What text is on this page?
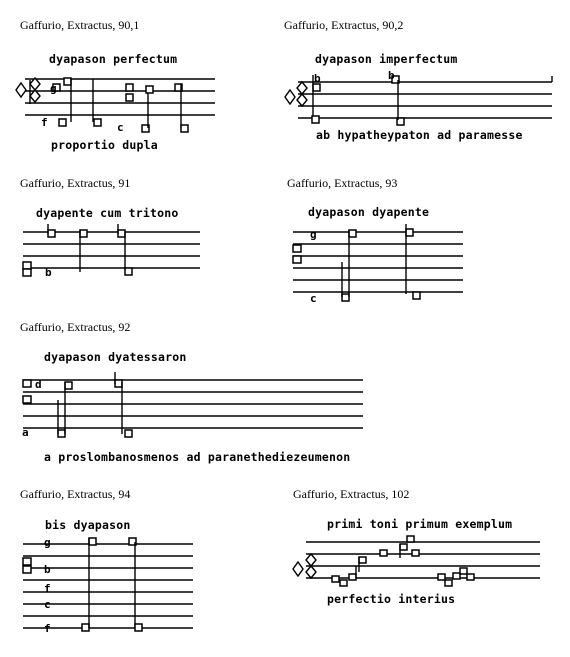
Gaffurio, Extractus, 90,1
dyapason perfectum
g
f	c
proportio dupla
Gaffurio, Extractus, 90,2
dyapason imperfectum
b	b
ab hypatheypaton ad paramesse
Gaffurio, Extractus, 91
dyapente cum tritono
b
Gaffurio, Extractus, 93
dyapason dyapente
g
c
Gaffurio, Extractus, 92
dyapason dyatessaron
d
a
a proslombanosmenos ad paranethediezeumenon
Gaffurio, Extractus, 94
bis dyapason
g
b
f
c
f
Gaffurio, Extractus, 102
primi toni primum exemplum
perfectio interius
